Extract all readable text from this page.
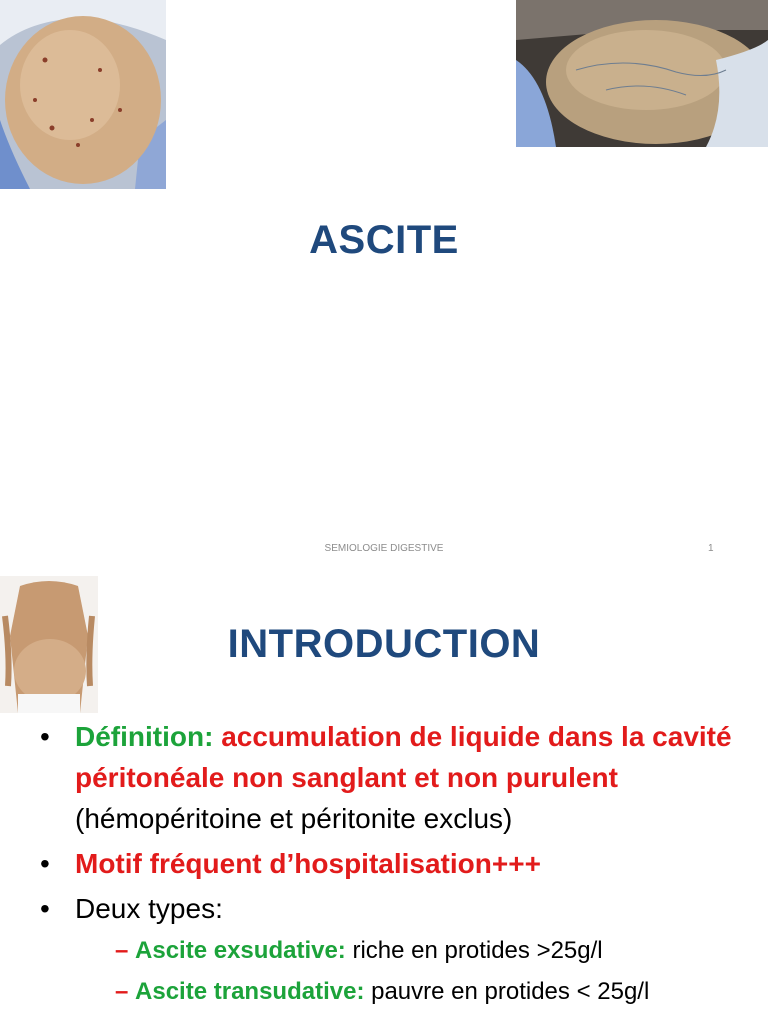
ASCITE
SEMIOLOGIE DIGESTIVE	1
INTRODUCTION
• Définition: accumulation de liquide dans la cavité péritonéale non sanglant et non purulent (hémopéritoine et péritonite exclus)
• Motif fréquent d’hospitalisation+++
• Deux types:
– Ascite exsudative: riche en protides >25g/l
– Ascite transudative: pauvre en protides < 25g/l
